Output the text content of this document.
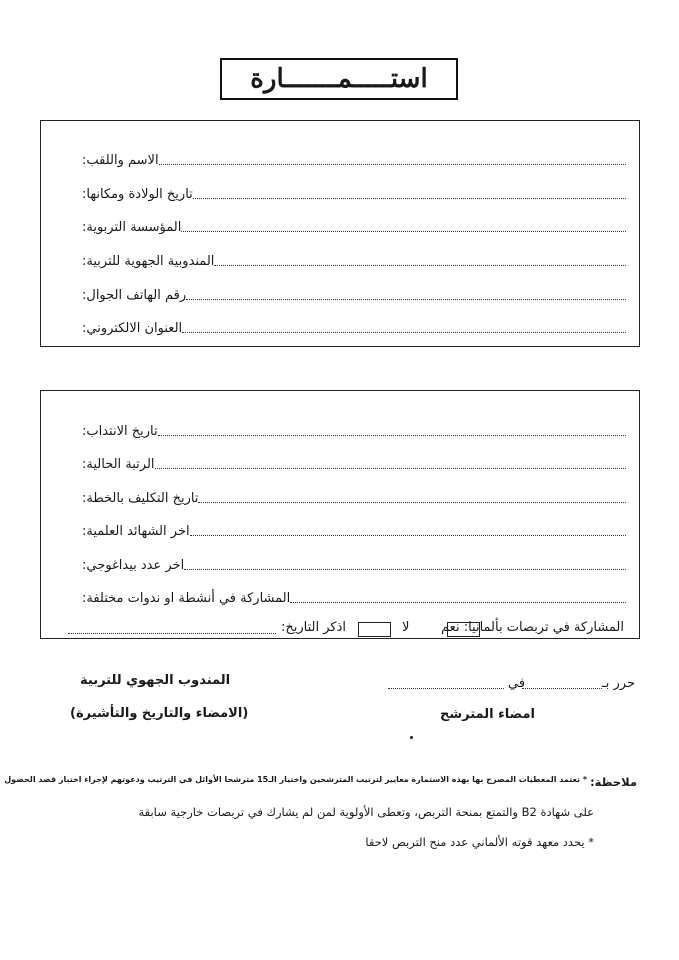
استـــــمـــــــارة
الاسم واللقب:
تاريخ الولادة ومكانها:
المؤسسة التربوية:
المندوبية الجهوية للتربية:
رقم الهاتف الجوال:
العنوان الالكتروني:
تاريخ الانتداب:
الرتبة الحالية:
تاريخ التكليف بالخطة:
اخر الشهائد العلمية:
اخر عدد بيداغوجي:
المشاركة في أنشطة او ندوات مختلفة:
المشاركة في تربصات بألمانيا: نعم
لا
اذكر التاريخ:
حرر بـ
في
المندوب الجهوي للتربية
(الامضاء والتاريخ والتأشيرة)	امضاء المترشح
ملاحظة:
* تعتمد المعطيات المصرح بها بهذه الاستمارة معايير لترتيب المترشحين واختيار الـ15 مترشحا الأوائل في الترتيب ودعوتهم لإجراء اختبار قصد الحصول
على شهادة B2 والتمتع بمنحة التربص، وتعطى الأولوية لمن لم يشارك في تربصات خارجية سابقة
* يحدد معهد قوته الألماني عدد منح التربص لاحقا
